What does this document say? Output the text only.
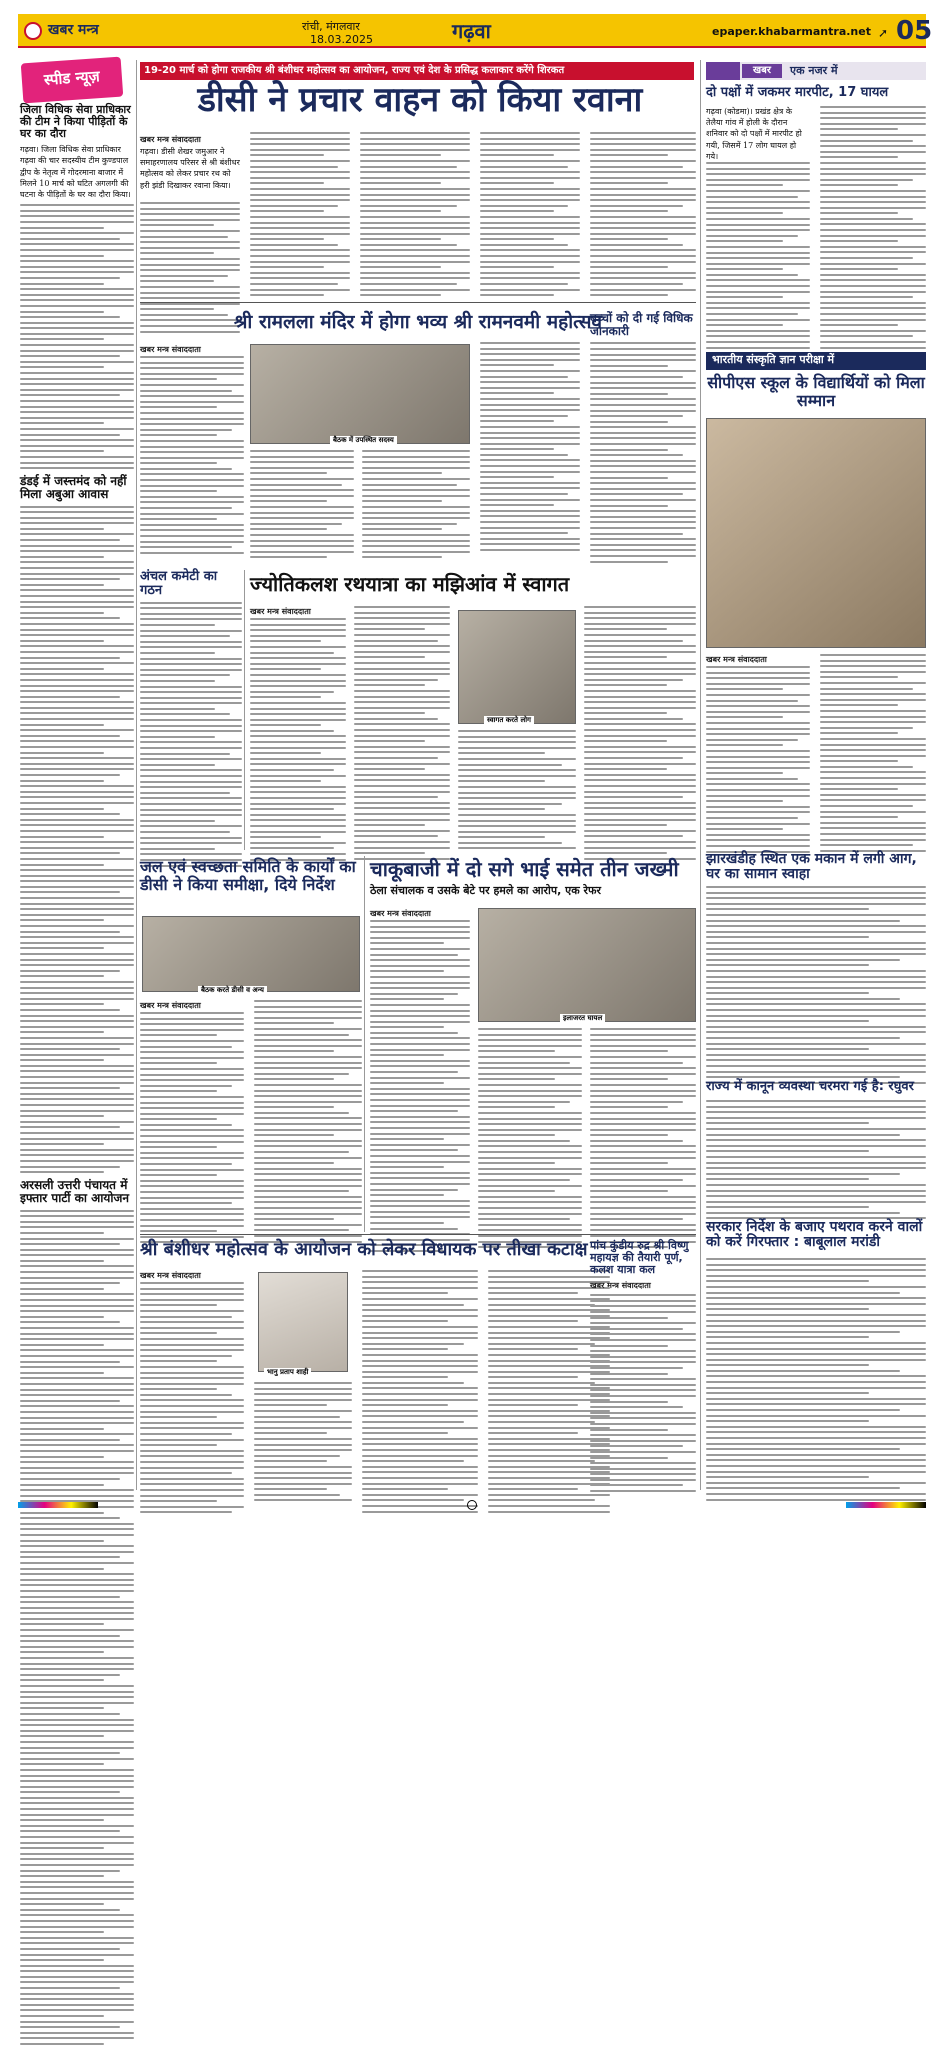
खबर मन्त्र	रांची, मंगलवार
18.03.2025	गढ़वा	epaper.khabarmantra.net ➚ 05
स्पीड न्यूज़
जिला विधिक सेवा प्राधिकार की टीम ने किया पीड़ितों के घर का दौरा
गढ़वा। जिला विधिक सेवा प्राधिकार गढ़वा की चार सदस्यीय टीम कुण्डपाल द्वीप के नेतृत्व में गोदरमाना बाजार में मिलने 10 मार्च को घटित अगलगी की घटना के पीड़ितों के घर का दौरा किया।
डंडई में जस्त्तमंद को नहीं मिला अबुआ आवास
अरसली उत्तरी पंचायत में इफ्तार पार्टी का आयोजन
19-20 मार्च को होगा राजकीय श्री बंशीधर महोत्सव का आयोजन, राज्य एवं देश के प्रसिद्ध कलाकार करेंगे शिरकत
डीसी ने प्रचार वाहन को किया रवाना
खबर मन्त्र संवाददाता
गढ़वा। डीसी शेखर जमुआर ने समाहरणालय परिसर से श्री बंशीधर महोत्सव को लेकर प्रचार रथ को हरी झंडी दिखाकर रवाना किया।
श्री रामलला मंदिर में होगा भव्य श्री रामनवमी महोत्सव
खबर मन्त्र संवाददाता
बैठक में उपस्थित सदस्य
बच्चों को दी गई विधिक जानकारी
अंचल कमेटी का गठन	ज्योतिकलश रथयात्रा का मझिआंव में स्वागत
खबर मन्त्र संवाददाता
स्वागत करते लोग
जल एवं स्वच्छता समिति के कार्यों का डीसी ने किया समीक्षा, दिये निर्देश
बैठक करते डीसी व अन्य
खबर मन्त्र संवाददाता
चाकूबाजी में दो सगे भाई समेत तीन जख्मी
ठेला संचालक व उसके बेटे पर हमले का आरोप, एक रेफर
खबर मन्त्र संवाददाता
इलाजरत घायल
श्री बंशीधर महोत्सव के आयोजन को लेकर विधायक पर तीखा कटाक्ष
खबर मन्त्र संवाददाता
भानु प्रताप शाही
पांच कुंडीय रुद्र श्री विष्णु महायज्ञ की तैयारी पूर्ण, कलश यात्रा कल
खबर मन्त्र संवाददाता
खबर	एक नजर में
दो पक्षों में जकमर मारपीट, 17 घायल
गढ़वा (कोडमा)। प्रखंड क्षेत्र के तेलैया गांव में होली के दौरान शनिवार को दो पक्षों में मारपीट हो गयी, जिसमें 17 लोग घायल हो गये।
भारतीय संस्कृति ज्ञान परीक्षा में
सीपीएस स्कूल के विद्यार्थियों को मिला सम्मान
खबर मन्त्र संवाददाता
झारखंडीह स्थित एक मकान में लगी आग, घर का सामान स्वाहा
राज्य में कानून व्यवस्था चरमरा गई है: रघुवर
सरकार निर्देश के बजाए पथराव करने वालों को करें गिरफ्तार : बाबूलाल मरांडी
